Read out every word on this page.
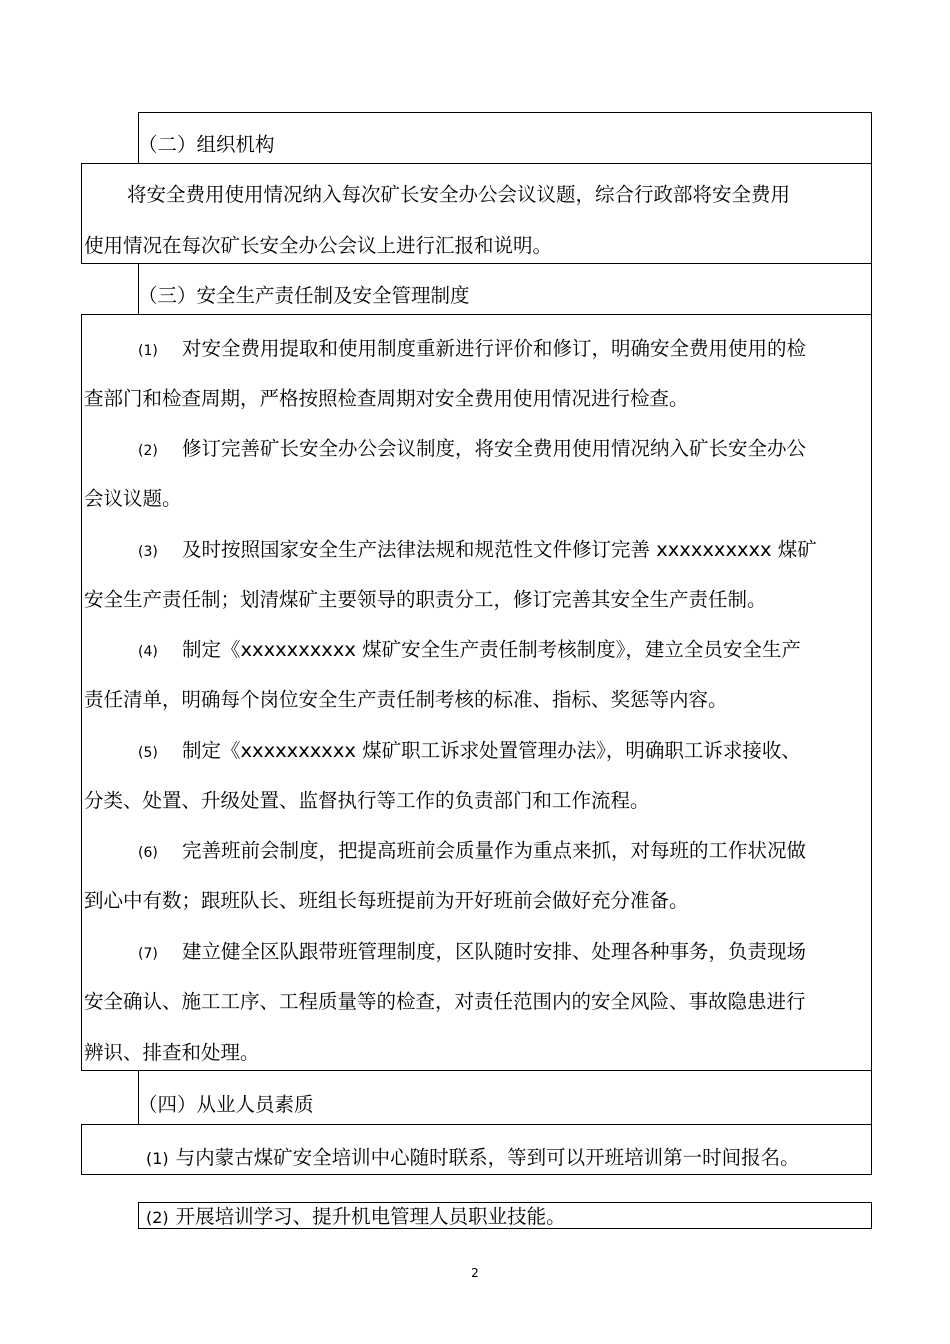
（二）组织机构
将安全费用使用情况纳入每次矿长安全办公会议议题，综合行政部将安全费用
使用情况在每次矿长安全办公会议上进行汇报和说明。
（三）安全生产责任制及安全管理制度
(1) 对安全费用提取和使用制度重新进行评价和修订，明确安全费用使用的检
查部门和检查周期，严格按照检查周期对安全费用使用情况进行检查。
(2) 修订完善矿长安全办公会议制度，将安全费用使用情况纳入矿长安全办公
会议议题。
(3) 及时按照国家安全生产法律法规和规范性文件修订完善 xxxxxxxxxx 煤矿
安全生产责任制；划清煤矿主要领导的职责分工，修订完善其安全生产责任制。
(4) 制定《xxxxxxxxxx 煤矿安全生产责任制考核制度》，建立全员安全生产
责任清单，明确每个岗位安全生产责任制考核的标准、指标、奖惩等内容。
(5) 制定《xxxxxxxxxx 煤矿职工诉求处置管理办法》，明确职工诉求接收、
分类、处置、升级处置、监督执行等工作的负责部门和工作流程。
(6) 完善班前会制度，把提高班前会质量作为重点来抓，对每班的工作状况做
到心中有数；跟班队长、班组长每班提前为开好班前会做好充分准备。
(7) 建立健全区队跟带班管理制度，区队随时安排、处理各种事务，负责现场
安全确认、施工工序、工程质量等的检查，对责任范围内的安全风险、事故隐患进行
辨识、排查和处理。
（四）从业人员素质
(1) 与内蒙古煤矿安全培训中心随时联系，等到可以开班培训第一时间报名。
(2) 开展培训学习、提升机电管理人员职业技能。
2
